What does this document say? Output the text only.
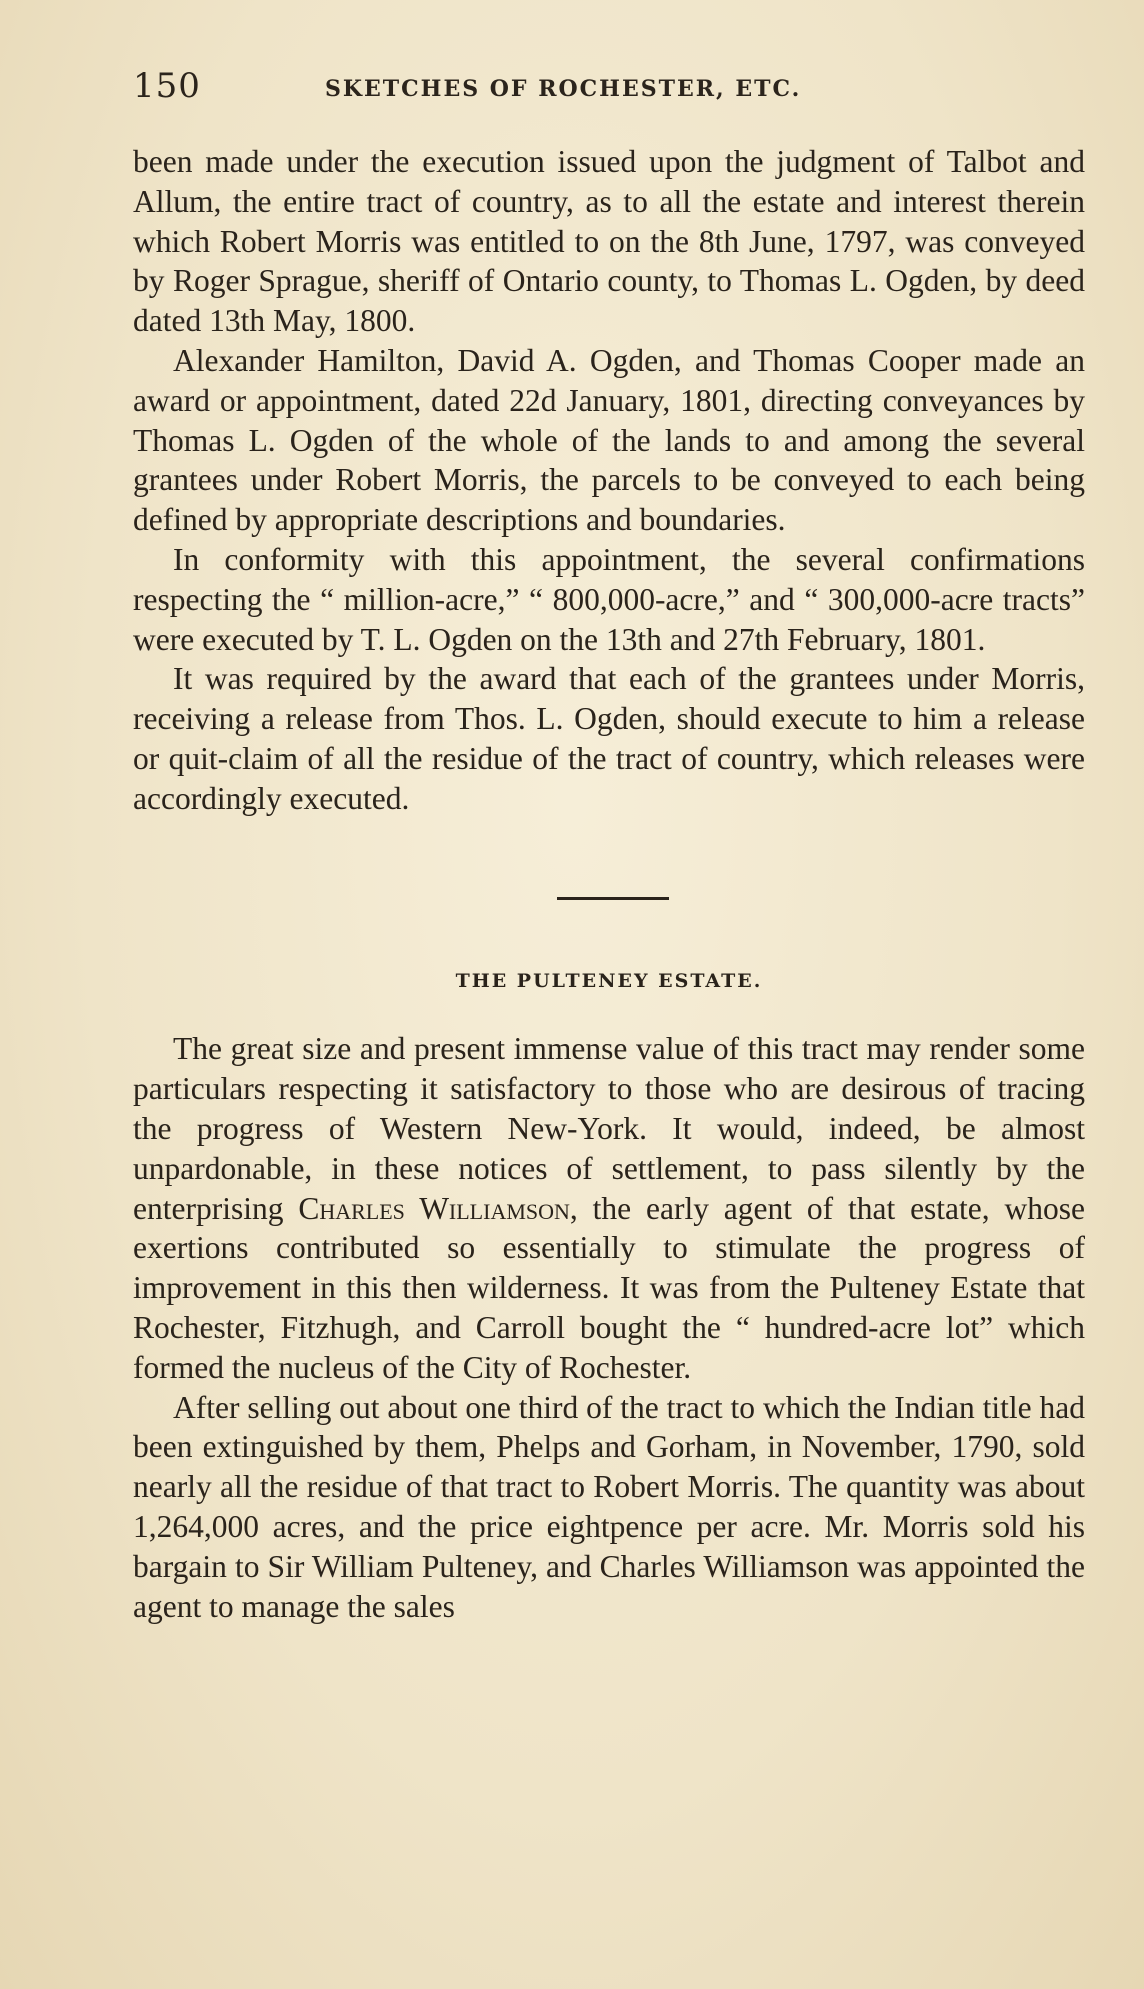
150	SKETCHES OF ROCHESTER, ETC.

been made under the execution issued upon the judgment of Talbot and Allum, the entire tract of country, as to all the estate and interest therein which Robert Morris was entitled to on the 8th June, 1797, was conveyed by Roger Sprague, sheriff of Ontario county, to Thomas L. Ogden, by deed dated 13th May, 1800.

Alexander Hamilton, David A. Ogden, and Thomas Cooper made an award or appointment, dated 22d January, 1801, directing conveyances by Thomas L. Ogden of the whole of the lands to and among the several grantees under Robert Morris, the parcels to be conveyed to each being defined by appropriate descriptions and boundaries.

In conformity with this appointment, the several confirmations respecting the “ million-acre,” “ 800,000-acre,” and “ 300,000-acre tracts” were executed by T. L. Ogden on the 13th and 27th February, 1801.

It was required by the award that each of the grantees under Morris, receiving a release from Thos. L. Ogden, should execute to him a release or quit-claim of all the residue of the tract of country, which releases were accordingly executed.

THE PULTENEY ESTATE.

The great size and present immense value of this tract may render some particulars respecting it satisfactory to those who are desirous of tracing the progress of Western New-York. It would, indeed, be almost unpardonable, in these notices of settlement, to pass silently by the enterprising Charles Williamson, the early agent of that estate, whose exertions contributed so essentially to stimulate the progress of improvement in this then wilderness. It was from the Pulteney Estate that Rochester, Fitzhugh, and Carroll bought the “ hundred-acre lot” which formed the nucleus of the City of Rochester.

After selling out about one third of the tract to which the Indian title had been extinguished by them, Phelps and Gorham, in November, 1790, sold nearly all the residue of that tract to Robert Morris. The quantity was about 1,264,000 acres, and the price eightpence per acre. Mr. Morris sold his bargain to Sir William Pulteney, and Charles Williamson was appointed the agent to manage the sales
